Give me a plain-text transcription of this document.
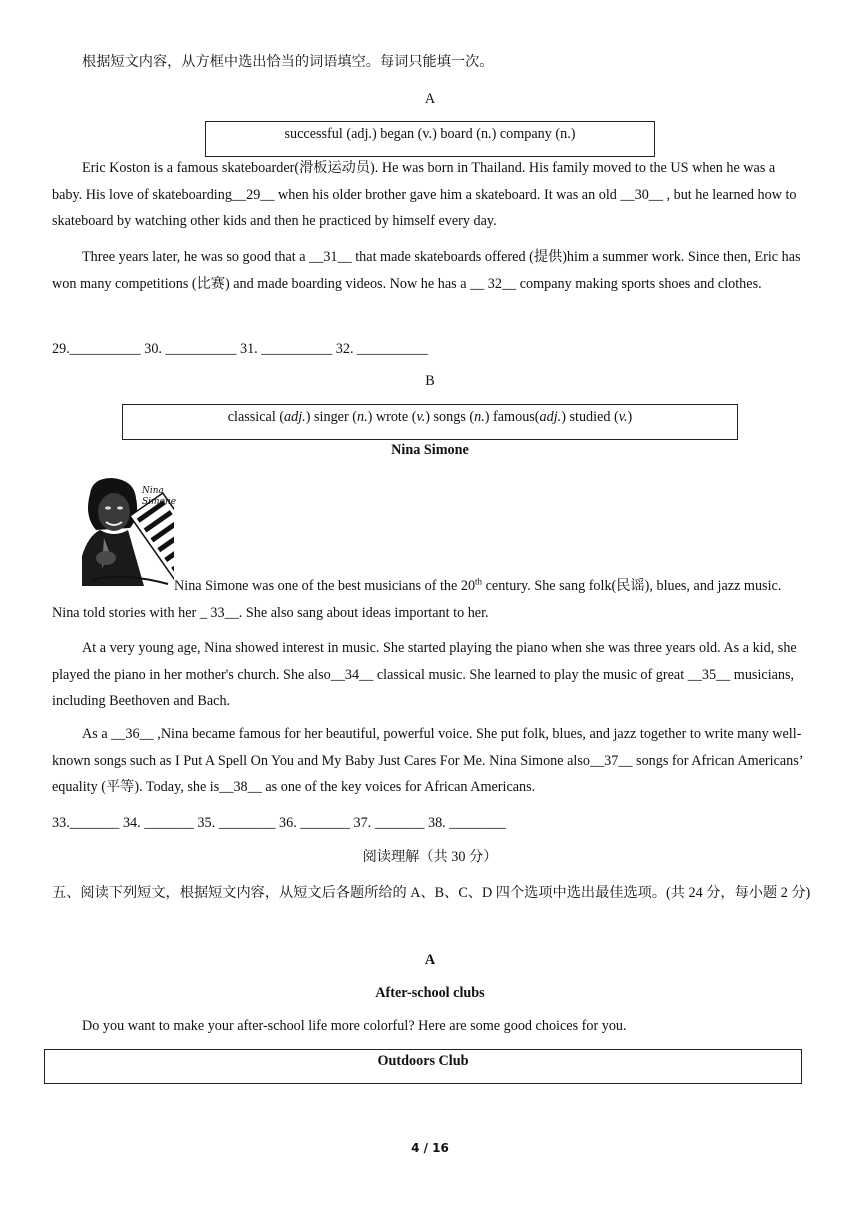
根据短文内容，从方框中选出恰当的词语填空。每词只能填一次。
A
successful (adj.) began (v.) board (n.) company (n.)

Eric Koston is a famous skateboarder(滑板运动员). He was born in Thailand. His family moved to the US when he was a baby. His love of skateboarding__29__ when his older brother gave him a skateboard. It was an old __30__ , but he learned how to skateboard by watching other kids and then he practiced by himself every day.

Three years later, he was so good that a __31__ that made skateboards offered (提供)him a summer work. Since then, Eric has won many competitions (比赛) and made boarding videos. Now he has a __ 32__ company making sports shoes and clothes.

29.__________ 30. __________ 31. __________ 32. __________
B
classical (adj.) singer (n.) wrote (v.) songs (n.) famous(adj.) studied (v.)
Nina Simone
Nina Simone

Nina Simone was one of the best musicians of the 20th century. She sang folk(民谣), blues, and jazz music. Nina told stories with her _ 33__. She also sang about ideas important to her.

At a very young age, Nina showed interest in music. She started playing the piano when she was three years old. As a kid, she played the piano in her mother's church. She also__34__ classical music. She learned to play the music of great __35__ musicians, including Beethoven and Bach.

As a __36__ ,Nina became famous for her beautiful, powerful voice. She put folk, blues, and jazz together to write many well-known songs such as I Put A Spell On You and My Baby Just Cares For Me. Nina Simone also__37__ songs for African Americans’ equality (平等). Today, she is__38__ as one of the key voices for African Americans.

33._______ 34. _______ 35. ________ 36. _______ 37. _______ 38. ________
阅读理解（共 30 分）

五、阅读下列短文，根据短文内容，从短文后各题所给的 A、B、C、D 四个选项中选出最佳选项。(共 24 分，每小题 2 分)

A
After-school clubs
Do you want to make your after-school life more colorful? Here are some good choices for you.
Outdoors Club
4 / 16
